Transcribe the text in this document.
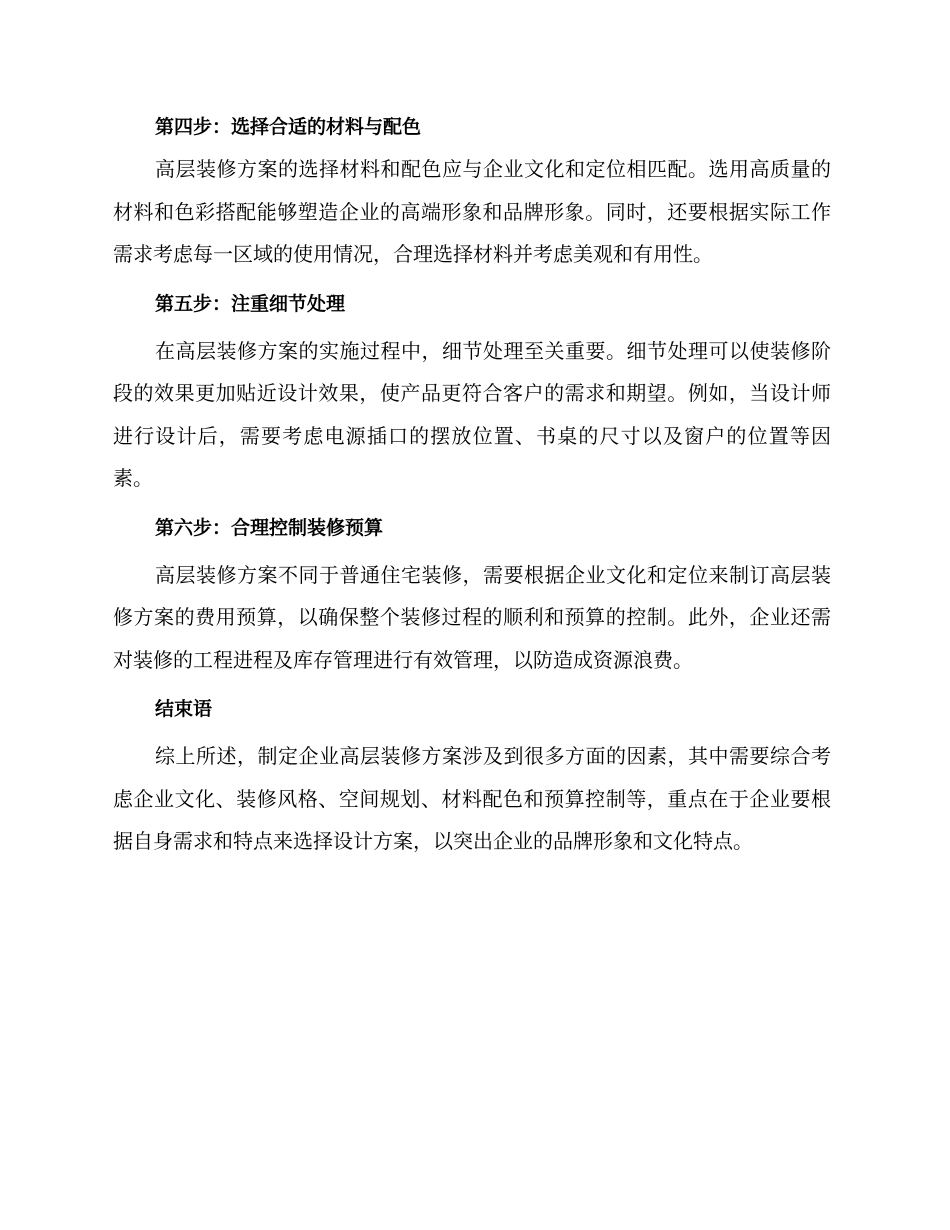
第四步：选择合适的材料与配色

高层装修方案的选择材料和配色应与企业文化和定位相匹配。选用高质量的材料和色彩搭配能够塑造企业的高端形象和品牌形象。同时，还要根据实际工作需求考虑每一区域的使用情况，合理选择材料并考虑美观和有用性。

第五步：注重细节处理

在高层装修方案的实施过程中，细节处理至关重要。细节处理可以使装修阶段的效果更加贴近设计效果，使产品更符合客户的需求和期望。例如，当设计师进行设计后，需要考虑电源插口的摆放位置、书桌的尺寸以及窗户的位置等因素。

第六步：合理控制装修预算

高层装修方案不同于普通住宅装修，需要根据企业文化和定位来制订高层装修方案的费用预算，以确保整个装修过程的顺利和预算的控制。此外，企业还需对装修的工程进程及库存管理进行有效管理，以防造成资源浪费。

结束语

综上所述，制定企业高层装修方案涉及到很多方面的因素，其中需要综合考虑企业文化、装修风格、空间规划、材料配色和预算控制等，重点在于企业要根据自身需求和特点来选择设计方案，以突出企业的品牌形象和文化特点。
